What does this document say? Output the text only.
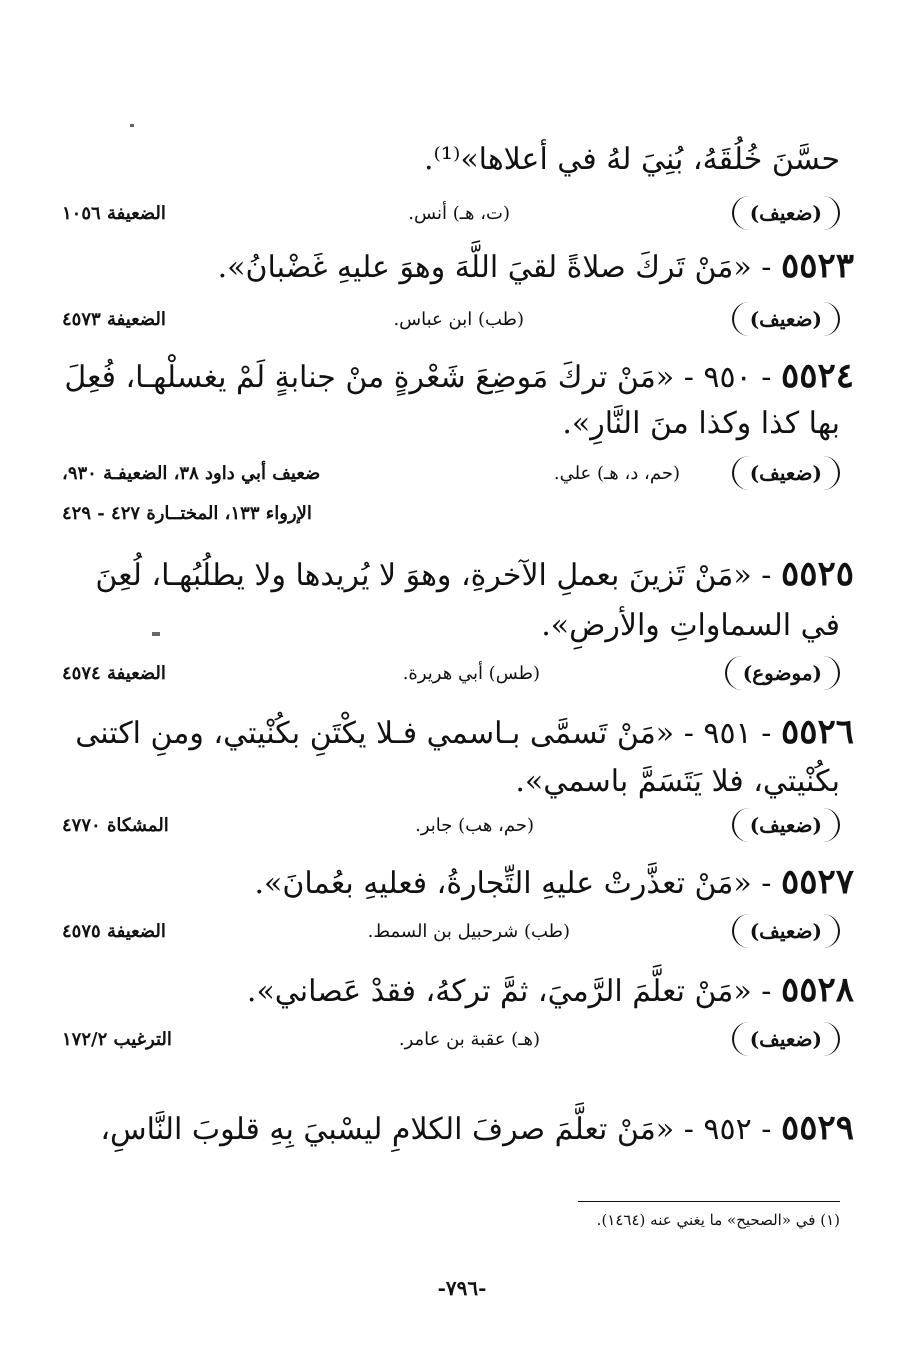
حسَّنَ خُلُقَهُ، بُنِيَ لهُ في أعلاها»⁽¹⁾.
(ضعيف)
(ت، هـ) أنس.
الضعيفة ١٠٥٦
٥٥٢٣ - «مَنْ تَركَ صلاةً لقيَ اللَّهَ وهوَ عليهِ غَضْبانُ».
(ضعيف)
(طب) ابن عباس.
الضعيفة ٤٥٧٣
٥٥٢٤ - ٩٥٠ - «مَنْ تركَ مَوضِعَ شَعْرةٍ منْ جنابةٍ لَمْ يغسلْهـا، فُعِلَ
بها كذا وكذا منَ النَّارِ».
(ضعيف)
(حم، د، هـ) علي.
ضعيف أبي داود ٣٨، الضعيفـة ٩٣٠،
الإرواء ١٣٣، المختــارة ٤٢٧ - ٤٢٩
٥٥٢٥ - «مَنْ تَزينَ بعملِ الآخرةِ، وهوَ لا يُريدها ولا يطلُبُهـا، لُعِنَ
في السماواتِ والأرضِ».
(موضوع)
(طس) أبي هريرة.
الضعيفة ٤٥٧٤
٥٥٢٦ - ٩٥١ - «مَنْ تَسمَّى بـاسمي فـلا يكْتَنِ بكُنْيتي، ومنِ اكتنى
بكُنْيتي، فلا يَتَسَمَّ باسمي».
(ضعيف)
(حم، هب) جابر.
المشكاة ٤٧٧٠
٥٥٢٧ - «مَنْ تعذَّرتْ عليهِ التِّجارةُ، فعليهِ بعُمانَ».
(ضعيف)
(طب) شرحبيل بن السمط.
الضعيفة ٤٥٧٥
٥٥٢٨ - «مَنْ تعلَّمَ الرَّميَ، ثمَّ تركهُ، فقدْ عَصاني».
(ضعيف)
(هـ) عقبة بن عامر.
الترغيب ١٧٢/٢
٥٥٢٩ - ٩٥٢ - «مَنْ تعلَّمَ صرفَ الكلامِ ليسْبيَ بِهِ قلوبَ النَّاسِ،
(١) في «الصحيح» ما يغني عنه (١٤٦٤).
-٧٩٦-
